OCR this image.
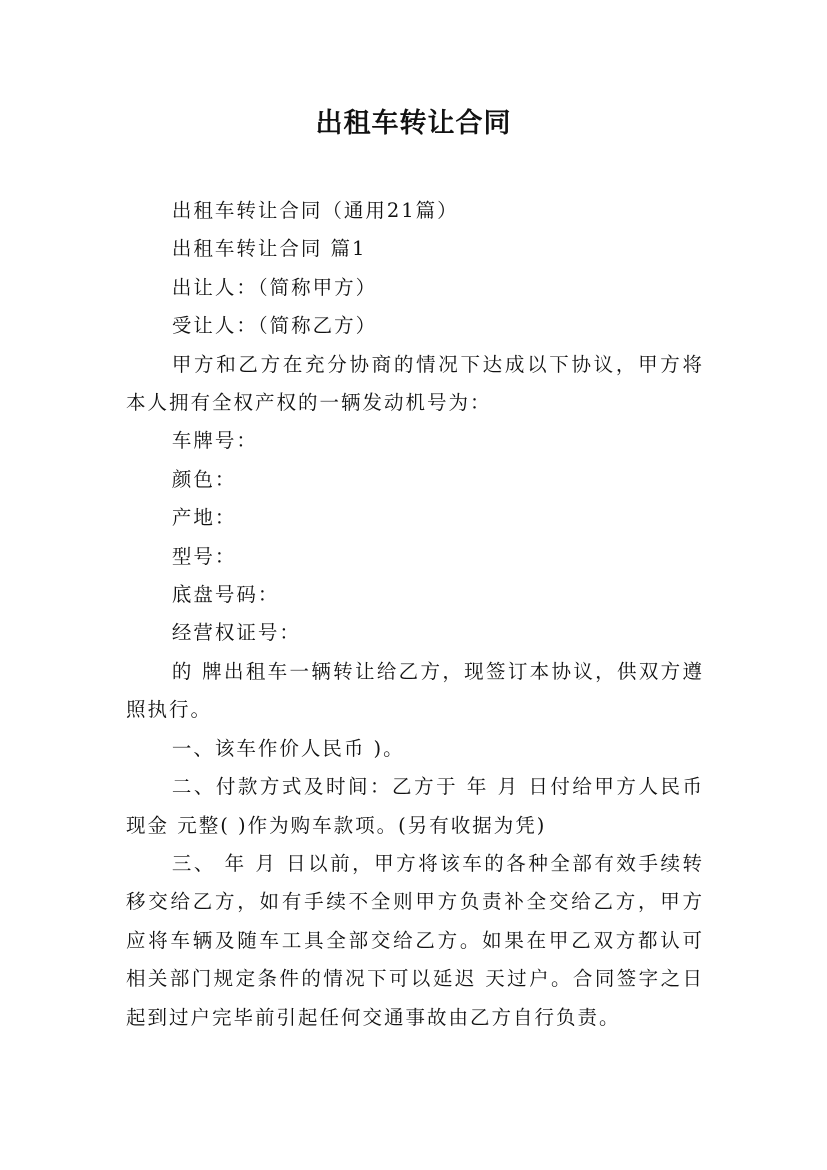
出租车转让合同

出租车转让合同（通用21篇）

出租车转让合同 篇1

出让人：（简称甲方）

受让人：（简称乙方）

甲方和乙方在充分协商的情况下达成以下协议，甲方将本人拥有全权产权的一辆发动机号为：

车牌号：

颜色：

产地：

型号：

底盘号码：

经营权证号：

的 牌出租车一辆转让给乙方，现签订本协议，供双方遵照执行。

一、该车作价人民币 )。

二、付款方式及时间：乙方于 年 月 日付给甲方人民币现金 元整( )作为购车款项。(另有收据为凭)

三、 年 月 日以前，甲方将该车的各种全部有效手续转移交给乙方，如有手续不全则甲方负责补全交给乙方，甲方应将车辆及随车工具全部交给乙方。如果在甲乙双方都认可相关部门规定条件的情况下可以延迟 天过户。合同签字之日起到过户完毕前引起任何交通事故由乙方自行负责。
